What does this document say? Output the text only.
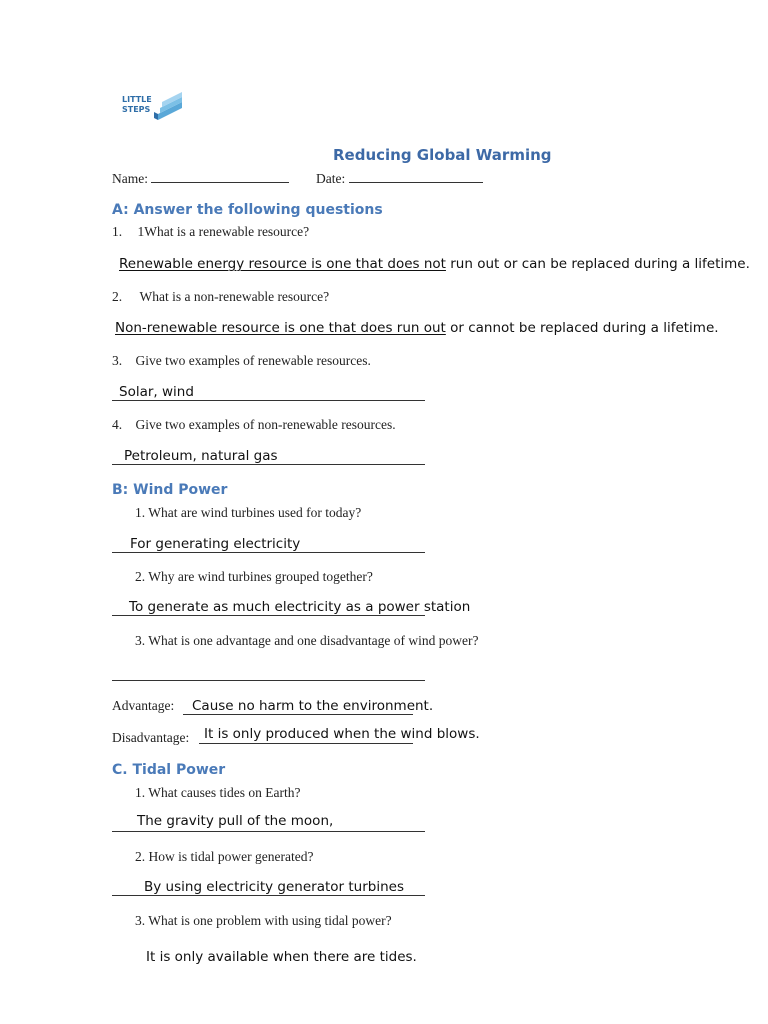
LITTLE
STEPS
Reducing Global Warming
Name:	Date:
A: Answer the following questions
1. 1What is a renewable resource?
Renewable energy resource is one that does not run out or can be replaced during a lifetime.
2. What is a non-renewable resource?
Non-renewable resource is one that does run out or cannot be replaced during a lifetime.
3. Give two examples of renewable resources.
Solar, wind
4. Give two examples of non-renewable resources.
Petroleum, natural gas
B: Wind Power
1. What are wind turbines used for today?
For generating electricity
2. Why are wind turbines grouped together?
To generate as much electricity as a power station
3. What is one advantage and one disadvantage of wind power?
Advantage: Cause no harm to the environment.
Disadvantage: It is only produced when the wind blows.
C. Tidal Power
1. What causes tides on Earth?
The gravity pull of the moon,
2. How is tidal power generated?
By using electricity generator turbines
3. What is one problem with using tidal power?
It is only available when there are tides.
